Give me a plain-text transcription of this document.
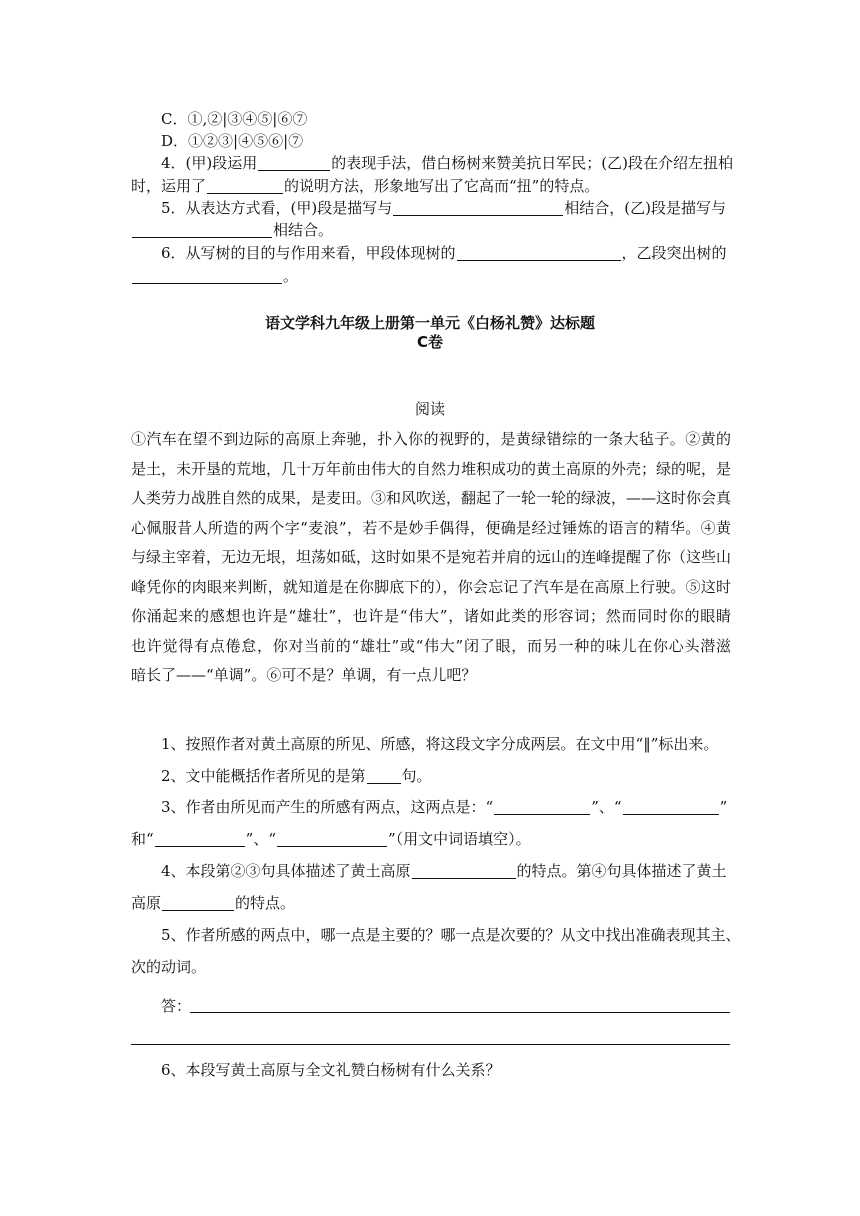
C．①,②|③④⑤|⑥⑦
D．①②③|④⑤⑥|⑦
4．(甲)段运用	的表现手法，借白杨树来赞美抗日军民；(乙)段在介绍左扭柏
时，运用了	的说明方法，形象地写出了它高而“扭”的特点。
5．从表达方式看，(甲)段是描写与	相结合，(乙)段是描写与
相结合。
6．从写树的目的与作用来看，甲段体现树的	，乙段突出树的
。
语文学科九年级上册第一单元《白杨礼赞》达标题
C卷
阅读
①汽车在望不到边际的高原上奔驰，扑入你的视野的，是黄绿错综的一条大毡子。②黄的
是土，未开垦的荒地，几十万年前由伟大的自然力堆积成功的黄土高原的外壳；绿的呢，是
人类劳力战胜自然的成果，是麦田。③和风吹送，翻起了一轮一轮的绿波，——这时你会真
心佩服昔人所造的两个字“麦浪”，若不是妙手偶得，便确是经过锤炼的语言的精华。④黄
与绿主宰着，无边无垠，坦荡如砥，这时如果不是宛若并肩的远山的连峰提醒了你（这些山
峰凭你的肉眼来判断，就知道是在你脚底下的），你会忘记了汽车是在高原上行驶。⑤这时
你涌起来的感想也许是“雄壮”，也许是“伟大”，诸如此类的形容词；然而同时你的眼睛
也许觉得有点倦怠，你对当前的“雄壮”或“伟大”闭了眼，而另一种的味儿在你心头潜滋
暗长了——“单调”。⑥可不是？单调，有一点儿吧？
1、按照作者对黄土高原的所见、所感，将这段文字分成两层。在文中用“‖”标出来。
2、文中能概括作者所见的是第 句。
3、作者由所见而产生的所感有两点，这两点是：“	”、“	”
和“	”、“	”（用文中词语填空）。
4、本段第②③句具体描述了黄土高原	的特点。第④句具体描述了黄土
高原	的特点。
5、作者所感的两点中，哪一点是主要的？哪一点是次要的？从文中找出准确表现其主、
次的动词。
答：
6、本段写黄土高原与全文礼赞白杨树有什么关系？
